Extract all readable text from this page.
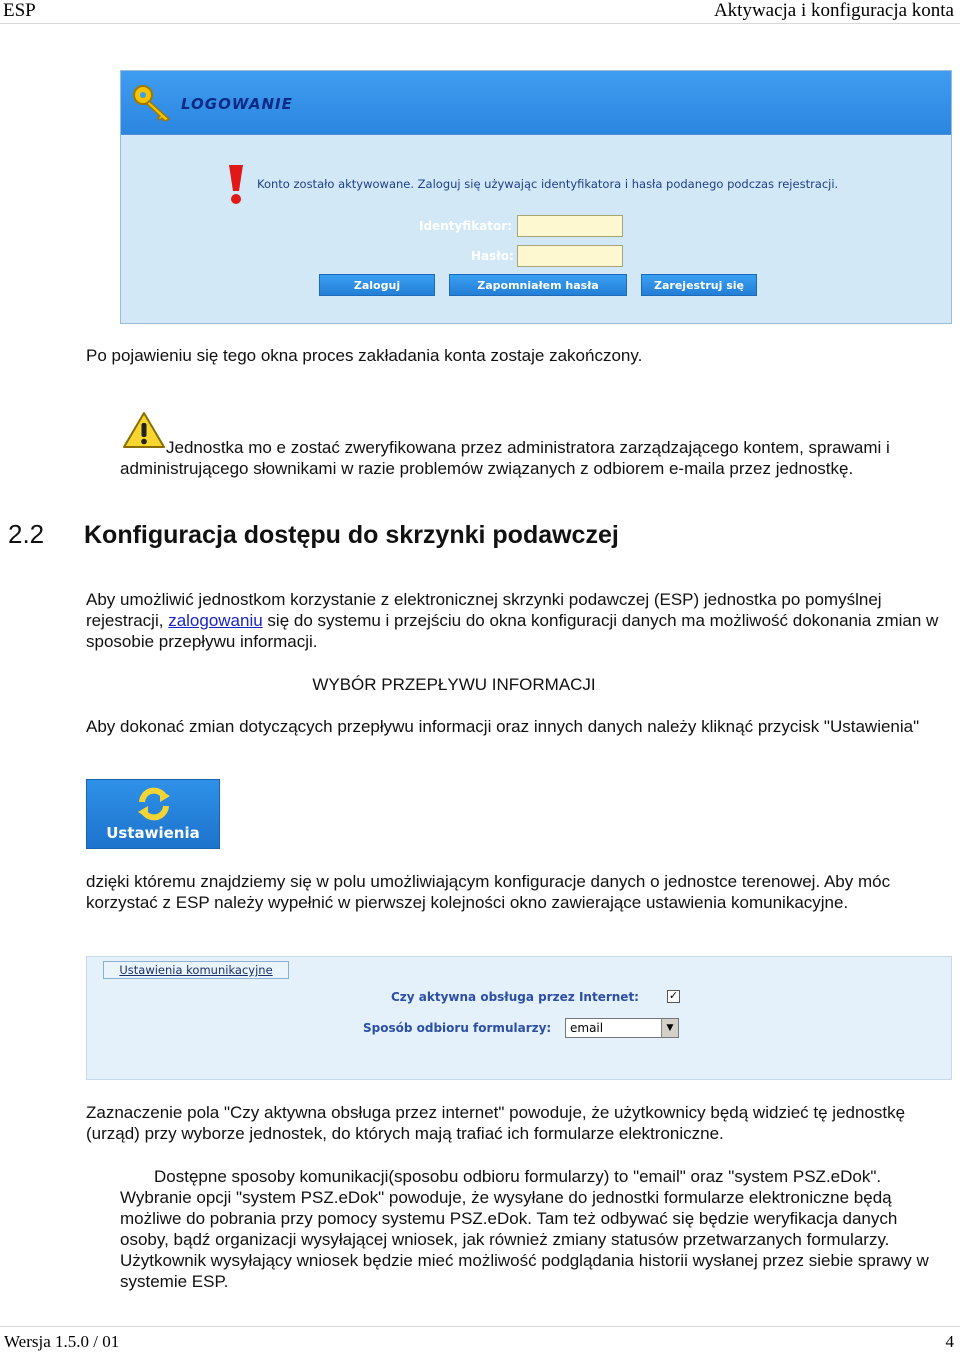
ESP	Aktywacja i konfiguracja konta
LOGOWANIE
Konto zostało aktywowane. Zaloguj się używając identyfikatora i hasła podanego podczas rejestracji.
Identyfikator:
Hasło:
Zaloguj	Zapomniałem hasła	Zarejestruj się
Po pojawieniu się tego okna proces zakładania konta zostaje zakończony.
Jednostka mo e zostać zweryfikowana przez administratora zarządzającego kontem, sprawami i administrującego słownikami w razie problemów związanych z odbiorem e-maila przez jednostkę.
2.2 Konfiguracja dostępu do skrzynki podawczej
Aby umożliwić jednostkom korzystanie z elektronicznej skrzynki podawczej (ESP) jednostka po pomyślnej rejestracji, zalogowaniu się do systemu i przejściu do okna konfiguracji danych ma możliwość dokonania zmian w sposobie przepływu informacji.
WYBÓR PRZEPŁYWU INFORMACJI
Aby dokonać zmian dotyczących przepływu informacji oraz innych danych należy kliknąć przycisk "Ustawienia"
Ustawienia
dzięki któremu znajdziemy się w polu umożliwiającym konfiguracje danych o jednostce terenowej. Aby móc korzystać z ESP należy wypełnić w pierwszej kolejności okno zawierające ustawienia komunikacyjne.
Ustawienia komunikacyjne
Czy aktywna obsługa przez Internet:	✓
Sposób odbioru formularzy:	email	▼
Zaznaczenie pola "Czy aktywna obsługa przez internet" powoduje, że użytkownicy będą widzieć tę jednostkę (urząd) przy wyborze jednostek, do których mają trafiać ich formularze elektroniczne.
Dostępne sposoby komunikacji(sposobu odbioru formularzy) to "email" oraz "system PSZ.eDok". Wybranie opcji "system PSZ.eDok" powoduje, że wysyłane do jednostki formularze elektroniczne będą możliwe do pobrania przy pomocy systemu PSZ.eDok. Tam też odbywać się będzie weryfikacja danych osoby, bądź organizacji wysyłającej wniosek, jak również zmiany statusów przetwarzanych formularzy. Użytkownik wysyłający wniosek będzie mieć możliwość podglądania historii wysłanej przez siebie sprawy w systemie ESP.
Wersja 1.5.0 / 01	4
